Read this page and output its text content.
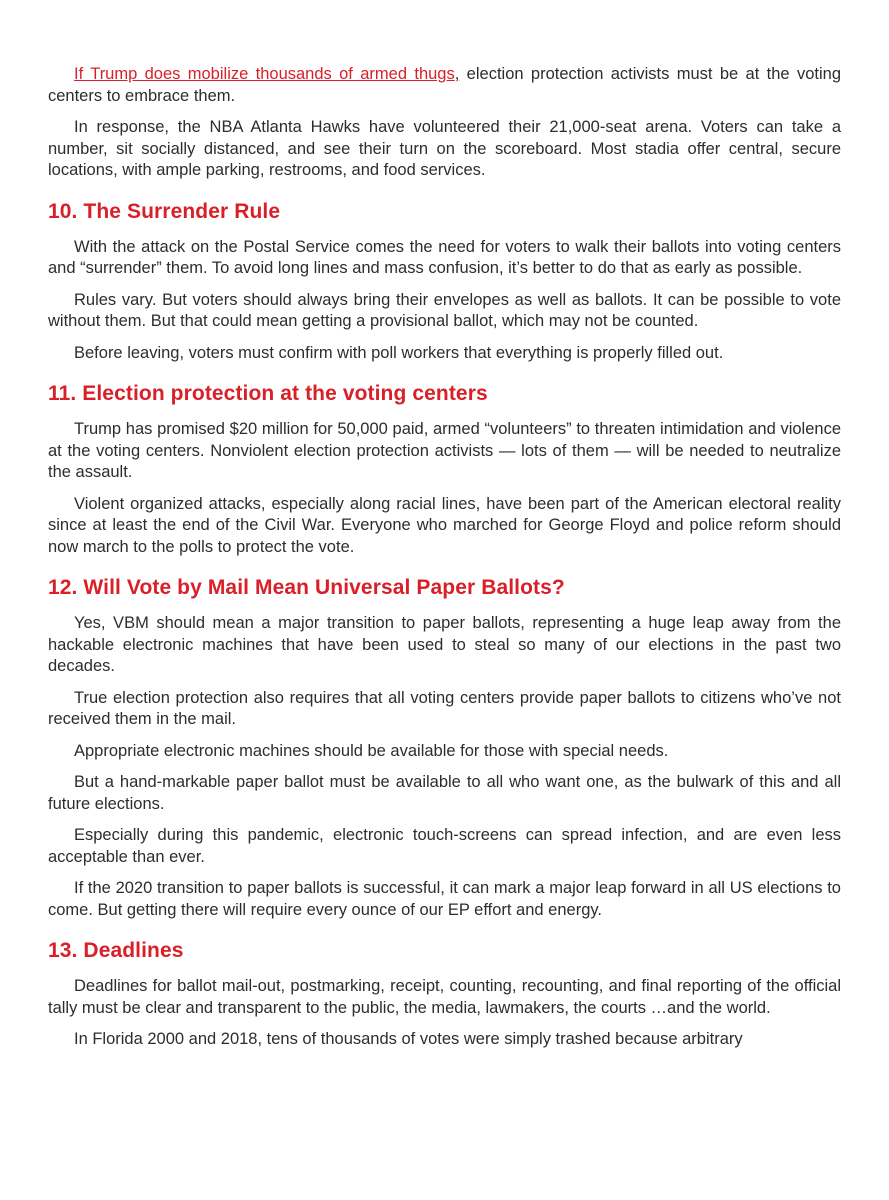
If Trump does mobilize thousands of armed thugs, election protection activists must be at the voting centers to embrace them.

In response, the NBA Atlanta Hawks have volunteered their 21,000-seat arena. Voters can take a number, sit socially distanced, and see their turn on the scoreboard. Most stadia offer central, secure locations, with ample parking, restrooms, and food services.

10. The Surrender Rule

With the attack on the Postal Service comes the need for voters to walk their ballots into voting centers and “surrender” them. To avoid long lines and mass confusion, it’s better to do that as early as possible.

Rules vary. But voters should always bring their envelopes as well as ballots. It can be possible to vote without them. But that could mean getting a provisional ballot, which may not be counted.

Before leaving, voters must confirm with poll workers that everything is properly filled out.

11. Election protection at the voting centers

Trump has promised $20 million for 50,000 paid, armed “volunteers” to threaten intimidation and violence at the voting centers. Nonviolent election protection activists — lots of them — will be needed to neutralize the assault.

Violent organized attacks, especially along racial lines, have been part of the American electoral reality since at least the end of the Civil War. Everyone who marched for George Floyd and police reform should now march to the polls to protect the vote.

12. Will Vote by Mail Mean Universal Paper Ballots?

Yes, VBM should mean a major transition to paper ballots, representing a huge leap away from the hackable electronic machines that have been used to steal so many of our elections in the past two decades.

True election protection also requires that all voting centers provide paper ballots to citizens who’ve not received them in the mail.

Appropriate electronic machines should be available for those with special needs.

But a hand-markable paper ballot must be available to all who want one, as the bulwark of this and all future elections.

Especially during this pandemic, electronic touch-screens can spread infection, and are even less acceptable than ever.

If the 2020 transition to paper ballots is successful, it can mark a major leap forward in all US elections to come. But getting there will require every ounce of our EP effort and energy.

13. Deadlines

Deadlines for ballot mail-out, postmarking, receipt, counting, recounting, and final reporting of the official tally must be clear and transparent to the public, the media, lawmakers, the courts …and the world.

In Florida 2000 and 2018, tens of thousands of votes were simply trashed because arbitrary
